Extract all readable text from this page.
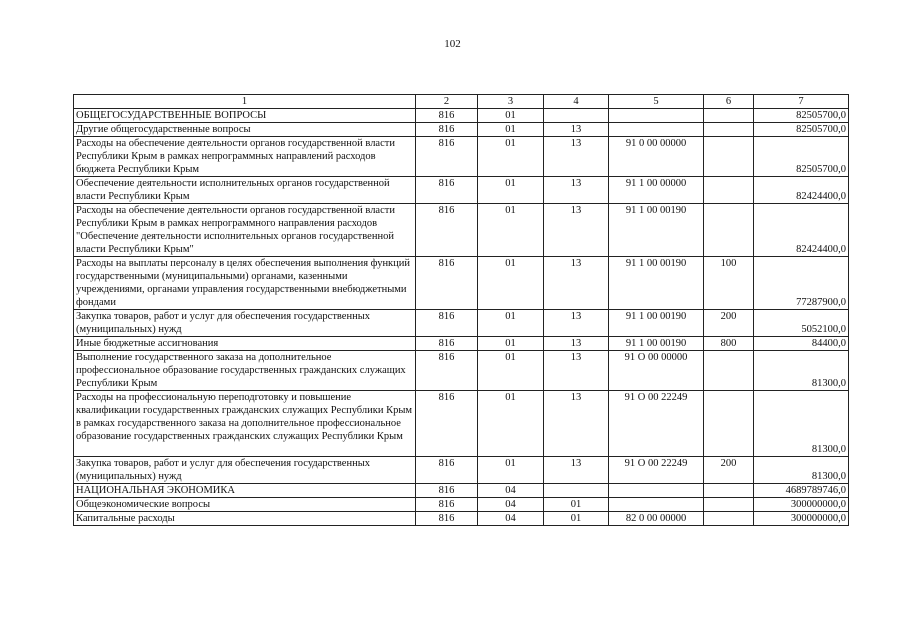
102
1	2	3	4	5	6	7
ОБЩЕГОСУДАРСТВЕННЫЕ ВОПРОСЫ	816	01				82505700,0
Другие общегосударственные вопросы	816	01	13			82505700,0
Расходы на обеспечение деятельности органов государственной власти Республики Крым в рамках непрограммных направлений расходов бюджета Республики Крым	816	01	13	91 0 00 00000		82505700,0
Обеспечение деятельности исполнительных органов государственной власти Республики Крым	816	01	13	91 1 00 00000		82424400,0
Расходы на обеспечение деятельности органов государственной власти Республики Крым в рамках непрограммного направления расходов "Обеспечение деятельности исполнительных органов государственной власти Республики Крым"	816	01	13	91 1 00 00190		82424400,0
Расходы на выплаты персоналу в целях обеспечения выполнения функций государственными (муниципальными) органами, казенными учреждениями, органами управления государственными внебюджетными фондами	816	01	13	91 1 00 00190	100	77287900,0
Закупка товаров, работ и услуг для обеспечения государственных (муниципальных) нужд	816	01	13	91 1 00 00190	200	5052100,0
Иные бюджетные ассигнования	816	01	13	91 1 00 00190	800	84400,0
Выполнение государственного заказа на дополнительное профессиональное образование государственных гражданских служащих Республики Крым	816	01	13	91 О 00 00000		81300,0
Расходы на профессиональную переподготовку и повышение квалификации государственных гражданских служащих Республики Крым в рамках государственного заказа на дополнительное профессиональное образование государственных гражданских служащих Республики Крым	816	01	13	91 О 00 22249		81300,0
Закупка товаров, работ и услуг для обеспечения государственных (муниципальных) нужд	816	01	13	91 О 00 22249	200	81300,0
НАЦИОНАЛЬНАЯ ЭКОНОМИКА	816	04				4689789746,0
Общеэкономические вопросы	816	04	01			300000000,0
Капитальные расходы	816	04	01	82 0 00 00000		300000000,0
